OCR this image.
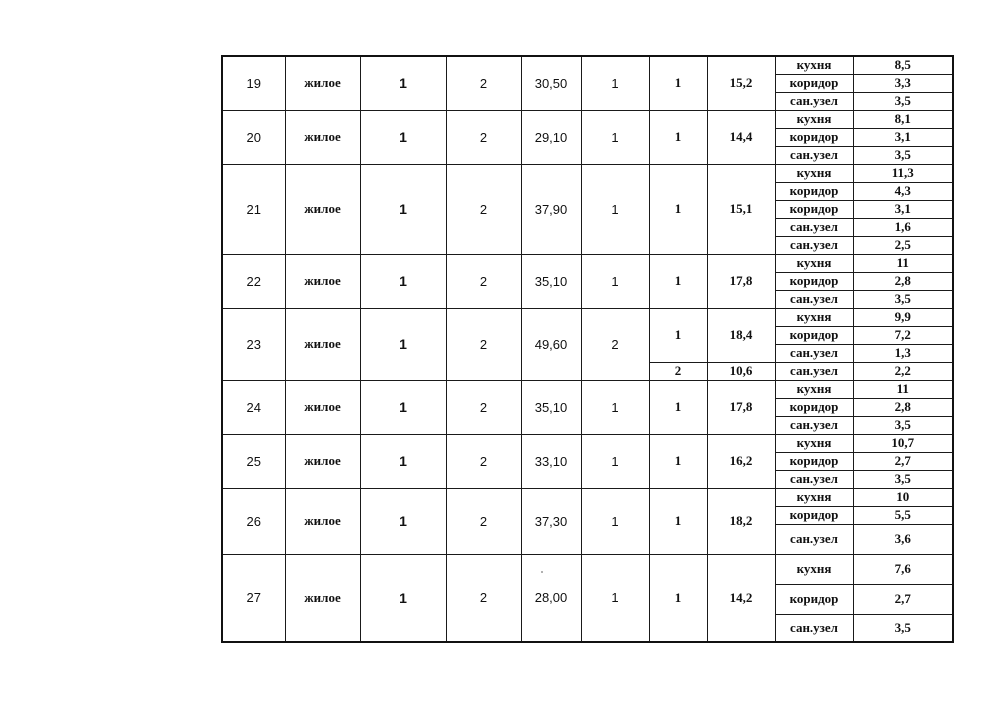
19	жилое	1	2	30,50	1	1	15,2	кухня	8,5
								коридор	3,3
								сан.узел	3,5
20	жилое	1	2	29,10	1	1	14,4	кухня	8,1
								коридор	3,1
								сан.узел	3,5
21	жилое	1	2	37,90	1	1	15,1	кухня	11,3
								коридор	4,3
								коридор	3,1
								сан.узел	1,6
								сан.узел	2,5
22	жилое	1	2	35,10	1	1	17,8	кухня	11
								коридор	2,8
								сан.узел	3,5
23	жилое	1	2	49,60	2	1	18,4	кухня	9,9
								коридор	7,2
								сан.узел	1,3
						2	10,6	сан.узел	2,2
24	жилое	1	2	35,10	1	1	17,8	кухня	11
								коридор	2,8
								сан.узел	3,5
25	жилое	1	2	33,10	1	1	16,2	кухня	10,7
								коридор	2,7
								сан.узел	3,5
26	жилое	1	2	37,30	1	1	18,2	кухня	10
								коридор	5,5
								сан.узел	3,6
27	жилое	1	2	28,00	1	1	14,2	кухня	7,6
								коридор	2,7
								сан.узел	3,5
